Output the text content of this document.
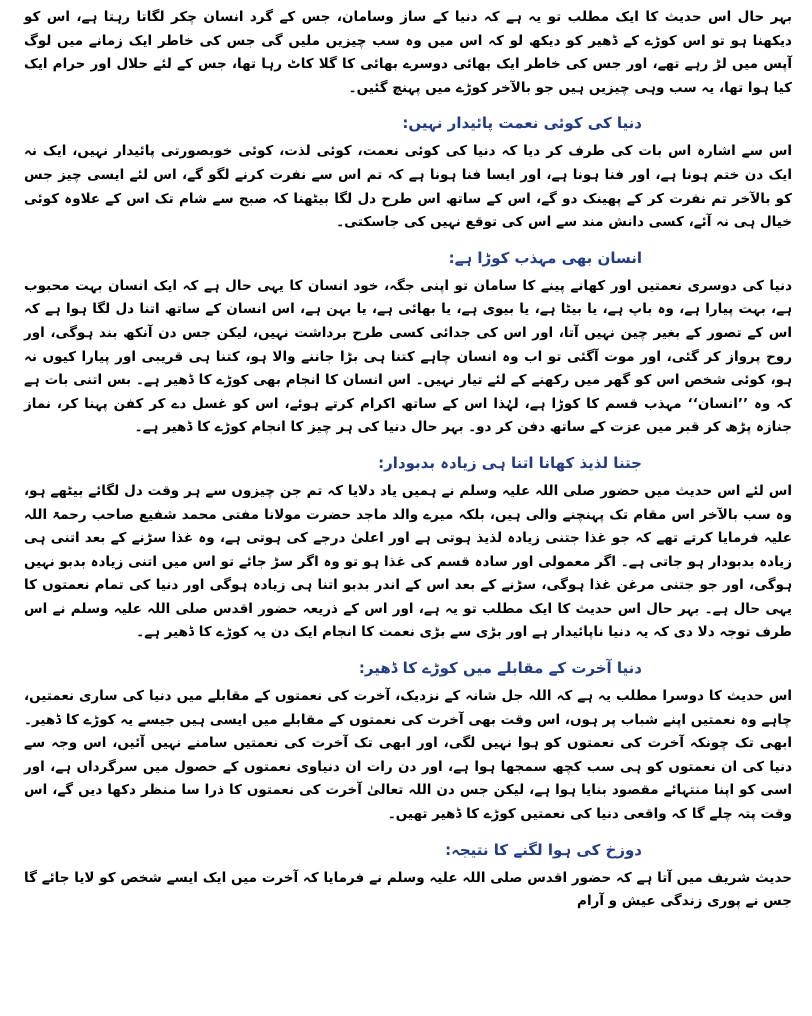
بہر حال اس حدیث کا ایک مطلب تو یہ ہے کہ دنیا کے ساز وسامان، جس کے گرد انسان چکر لگاتا رہتا ہے، اس کو دیکھنا ہو تو اس کوڑے کے ڈھیر کو دیکھ لو کہ اس میں وہ سب چیزیں ملیں گی جس کی خاطر ایک زمانے میں لوگ آپس میں لڑ رہے تھے، اور جس کی خاطر ایک بھائی دوسرے بھائی کا گلا کاٹ رہا تھا، جس کے لئے حلال اور حرام ایک کیا ہوا تھا، یہ سب وہی چیزیں ہیں جو بالآخر کوڑے میں پہنچ گئیں۔

دنیا کی کوئی نعمت پائیدار نہیں:

اس سے اشارہ اس بات کی طرف کر دیا کہ دنیا کی کوئی نعمت، کوئی لذت، کوئی خوبصورتی پائیدار نہیں، ایک نہ ایک دن ختم ہونا ہے، اور فنا ہونا ہے، اور ایسا فنا ہونا ہے کہ تم اس سے نفرت کرنے لگو گے، اس لئے ایسی چیز جس کو بالآخر تم نفرت کر کے پھینک دو گے، اس کے ساتھ اس طرح دل لگا بیٹھنا کہ صبح سے شام تک اس کے علاوہ کوئی خیال ہی نہ آئے، کسی دانش مند سے اس کی توقع نہیں کی جاسکتی۔

انسان بھی مہذب کوڑا ہے:

دنیا کی دوسری نعمتیں اور کھانے پینے کا سامان تو اپنی جگہ، خود انسان کا یہی حال ہے کہ ایک انسان بہت محبوب ہے، بہت پیارا ہے، وہ باپ ہے، یا بیٹا ہے، یا بیوی ہے، یا بھائی ہے، یا بہن ہے، اس انسان کے ساتھ اتنا دل لگا ہوا ہے کہ اس کے تصور کے بغیر چین نہیں آتا، اور اس کی جدائی کسی طرح برداشت نہیں، لیکن جس دن آنکھ بند ہوگی، اور روح پرواز کر گئی، اور موت آگئی تو اب وہ انسان چاہے کتنا ہی بڑا جاننے والا ہو، کتنا ہی قریبی اور پیارا کیوں نہ ہو، کوئی شخص اس کو گھر میں رکھنے کے لئے تیار نہیں۔ اس انسان کا انجام بھی کوڑے کا ڈھیر ہے۔ بس اتنی بات ہے کہ وہ ’’انسان‘‘ مہذب قسم کا کوڑا ہے، لہٰذا اس کے ساتھ اکرام کرتے ہوئے، اس کو غسل دے کر کفن پہنا کر، نماز جنازہ پڑھ کر قبر میں عزت کے ساتھ دفن کر دو۔ بہر حال دنیا کی ہر چیز کا انجام کوڑے کا ڈھیر ہے۔

جتنا لذیذ کھانا اتنا ہی زیادہ بدبودار:

اس لئے اس حدیث میں حضور صلی اللہ علیہ وسلم نے ہمیں یاد دلایا کہ تم جن چیزوں سے ہر وقت دل لگائے بیٹھے ہو، وہ سب بالآخر اس مقام تک پہنچنے والی ہیں، بلکہ میرے والد ماجد حضرت مولانا مفتی محمد شفیع صاحب رحمۃ اللہ علیہ فرمایا کرتے تھے کہ جو غذا جتنی زیادہ لذیذ ہوتی ہے اور اعلیٰ درجے کی ہوتی ہے، وہ غذا سڑنے کے بعد اتنی ہی زیادہ بدبودار ہو جاتی ہے۔ اگر معمولی اور سادہ قسم کی غذا ہو تو وہ اگر سڑ جائے تو اس میں اتنی زیادہ بدبو نہیں ہوگی، اور جو جتنی مرغن غذا ہوگی، سڑنے کے بعد اس کے اندر بدبو اتنا ہی زیادہ ہوگی اور دنیا کی تمام نعمتوں کا یہی حال ہے۔ بہر حال اس حدیث کا ایک مطلب تو یہ ہے، اور اس کے ذریعہ حضور اقدس صلی اللہ علیہ وسلم نے اس طرف توجہ دلا دی کہ یہ دنیا ناپائیدار ہے اور بڑی سے بڑی نعمت کا انجام ایک دن یہ کوڑے کا ڈھیر ہے۔

دنیا آخرت کے مقابلے میں کوڑے کا ڈھیر:

اس حدیث کا دوسرا مطلب یہ ہے کہ اللہ جل شانہ کے نزدیک، آخرت کی نعمتوں کے مقابلے میں دنیا کی ساری نعمتیں، چاہے وہ نعمتیں اپنے شباب پر ہوں، اس وقت بھی آخرت کی نعمتوں کے مقابلے میں ایسی ہیں جیسے یہ کوڑے کا ڈھیر۔ ابھی تک چونکہ آخرت کی نعمتوں کو ہوا نہیں لگی، اور ابھی تک آخرت کی نعمتیں سامنے نہیں آئیں، اس وجہ سے دنیا کی ان نعمتوں کو ہی سب کچھ سمجھا ہوا ہے، اور دن رات ان دنیاوی نعمتوں کے حصول میں سرگرداں ہے، اور اسی کو اپنا منتہائے مقصود بنایا ہوا ہے، لیکن جس دن اللہ تعالیٰ آخرت کی نعمتوں کا ذرا سا منظر دکھا دیں گے، اس وقت پتہ چلے گا کہ واقعی دنیا کی نعمتیں کوڑے کا ڈھیر تھیں۔

دوزخ کی ہوا لگنے کا نتیجہ:

حدیث شریف میں آتا ہے کہ حضور اقدس صلی اللہ علیہ وسلم نے فرمایا کہ آخرت میں ایک ایسے شخص کو لایا جائے گا جس نے پوری زندگی عیش و آرام
